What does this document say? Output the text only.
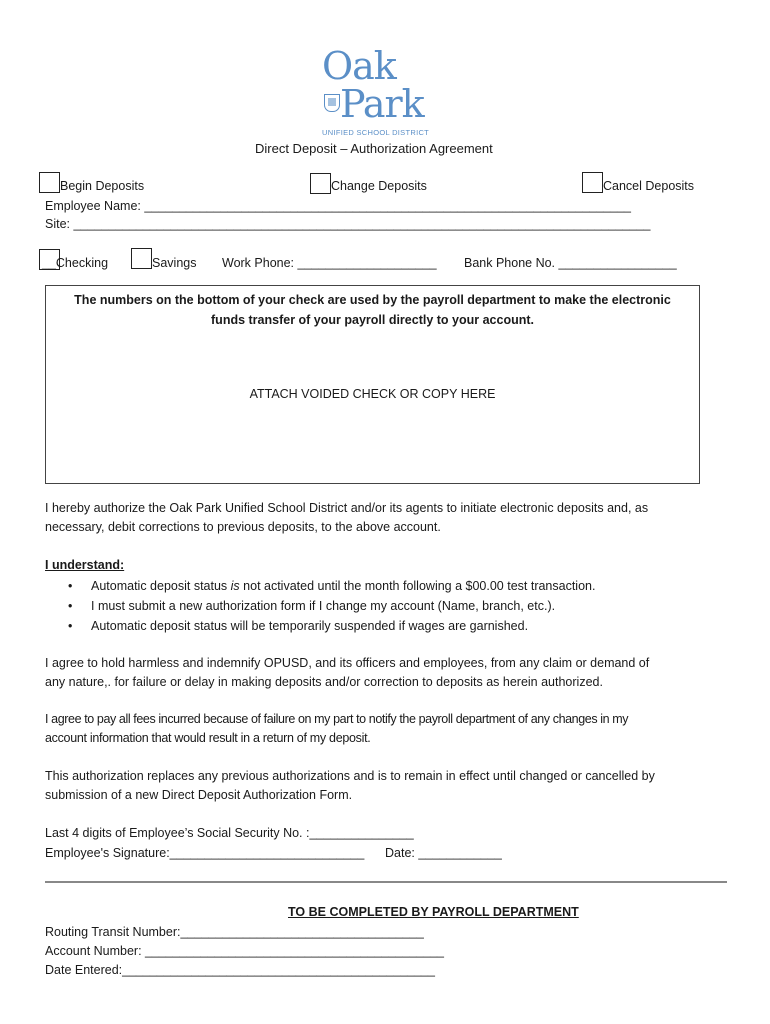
Oak
Park
UNIFIED SCHOOL DISTRICT
Direct Deposit – Authorization Agreement
Begin Deposits	Change Deposits	Cancel Deposits
Employee Name: ______________________________________________________________________
Site: ___________________________________________________________________________________
__Checking	Savings Work Phone: ____________________ Bank Phone No. _________________
The numbers on the bottom of your check are used by the payroll department to make the electronic
funds transfer of your payroll directly to your account.
ATTACH VOIDED CHECK OR COPY HERE
I hereby authorize the Oak Park Unified School District and/or its agents to initiate electronic deposits and, as
necessary, debit corrections to previous deposits, to the above account.
I understand:
• Automatic deposit status is not activated until the month following a $00.00 test transaction.
• I must submit a new authorization form if I change my account (Name, branch, etc.).
• Automatic deposit status will be temporarily suspended if wages are garnished.
I agree to hold harmless and indemnify OPUSD, and its officers and employees, from any claim or demand of
any nature,. for failure or delay in making deposits and/or correction to deposits as herein authorized.
I agree to pay all fees incurred because of failure on my part to notify the payroll department of any changes in my
account information that would result in a return of my deposit.
This authorization replaces any previous authorizations and is to remain in effect until changed or cancelled by
submission of a new Direct Deposit Authorization Form.
Last 4 digits of Employee’s Social Security No. :_______________
Employee's Signature:____________________________ Date: ____________
TO BE COMPLETED BY PAYROLL DEPARTMENT
Routing Transit Number:___________________________________
Account Number: ___________________________________________
Date Entered:_____________________________________________
